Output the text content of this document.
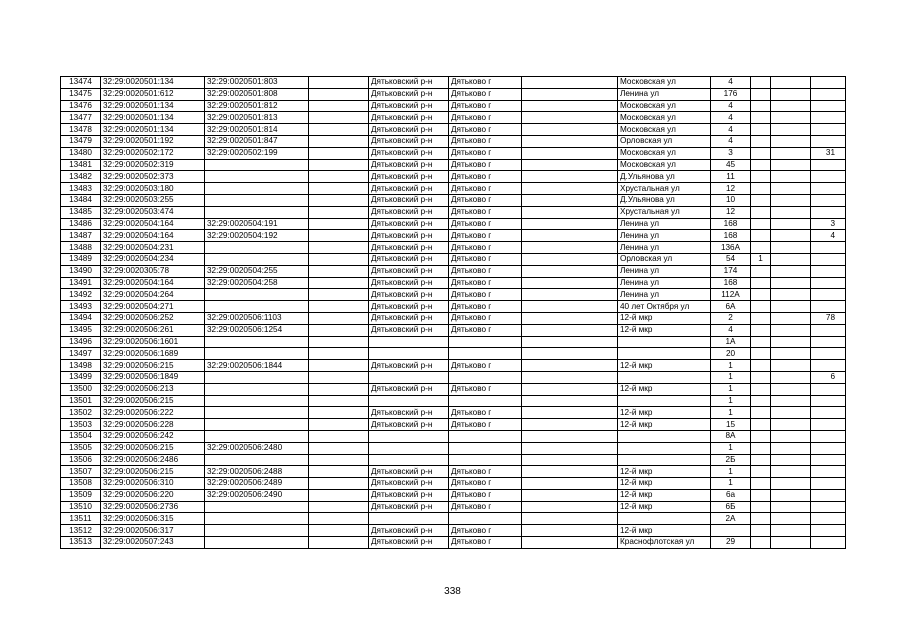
13474	32:29:0020501:134	32:29:0020501:803		Дятьковский р-н	Дятьково г		Московская ул	4			
13475	32:29:0020501:612	32:29:0020501:808		Дятьковский р-н	Дятьково г		Ленина ул	176			
13476	32:29:0020501:134	32:29:0020501:812		Дятьковский р-н	Дятьково г		Московская ул	4			
13477	32:29:0020501:134	32:29:0020501:813		Дятьковский р-н	Дятьково г		Московская ул	4			
13478	32:29:0020501:134	32:29:0020501:814		Дятьковский р-н	Дятьково г		Московская ул	4			
13479	32:29:0020501:192	32:29:0020501:847		Дятьковский р-н	Дятьково г		Орловская ул	4			
13480	32:29:0020502:172	32:29:0020502:199		Дятьковский р-н	Дятьково г		Московская ул	3			31
13481	32:29:0020502:319			Дятьковский р-н	Дятьково г		Московская ул	45			
13482	32:29:0020502:373			Дятьковский р-н	Дятьково г		Д.Ульянова ул	11			
13483	32:29:0020503:180			Дятьковский р-н	Дятьково г		Хрустальная ул	12			
13484	32:29:0020503:255			Дятьковский р-н	Дятьково г		Д.Ульянова ул	10			
13485	32:29:0020503:474			Дятьковский р-н	Дятьково г		Хрустальная ул	12			
13486	32:29:0020504:164	32:29:0020504:191		Дятьковский р-н	Дятьково г		Ленина ул	168			3
13487	32:29:0020504:164	32:29:0020504:192		Дятьковский р-н	Дятьково г		Ленина ул	168			4
13488	32:29:0020504:231			Дятьковский р-н	Дятьково г		Ленина ул	136А			
13489	32:29:0020504:234			Дятьковский р-н	Дятьково г		Орловская ул	54	1		
13490	32:29:0020305:78	32:29:0020504:255		Дятьковский р-н	Дятьково г		Ленина ул	174			
13491	32:29:0020504:164	32:29:0020504:258		Дятьковский р-н	Дятьково г		Ленина ул	168			
13492	32:29:0020504:264			Дятьковский р-н	Дятьково г		Ленина ул	112А			
13493	32:29:0020504:271			Дятьковский р-н	Дятьково г		40 лет Октября ул	6А			
13494	32:29:0020506:252	32:29:0020506:1103		Дятьковский р-н	Дятьково г		12-й мкр	2			78
13495	32:29:0020506:261	32:29:0020506:1254		Дятьковский р-н	Дятьково г		12-й мкр	4			
13496	32:29:0020506:1601							1А			
13497	32:29:0020506:1689							20			
13498	32:29:0020506:215	32:29:0020506:1844		Дятьковский р-н	Дятьково г		12-й мкр	1			
13499	32:29:0020506:1849							1			6
13500	32:29:0020506:213			Дятьковский р-н	Дятьково г		12-й мкр	1			
13501	32:29:0020506:215							1			
13502	32:29:0020506:222			Дятьковский р-н	Дятьково г		12-й мкр	1			
13503	32:29:0020506:228			Дятьковский р-н	Дятьково г		12-й мкр	15			
13504	32:29:0020506:242							8А			
13505	32:29:0020506:215	32:29:0020506:2480						1			
13506	32:29:0020506:2486							2Б			
13507	32:29:0020506:215	32:29:0020506:2488		Дятьковский р-н	Дятьково г		12-й мкр	1			
13508	32:29:0020506:310	32:29:0020506:2489		Дятьковский р-н	Дятьково г		12-й мкр	1			
13509	32:29:0020506:220	32:29:0020506:2490		Дятьковский р-н	Дятьково г		12-й мкр	6а			
13510	32:29:0020506:2736			Дятьковский р-н	Дятьково г		12-й мкр	6Б			
13511	32:29:0020506:315							2А			
13512	32:29:0020506:317			Дятьковский р-н	Дятьково г		12-й мкр				
13513	32:29:0020507:243			Дятьковский р-н	Дятьково г		Краснофлотская ул	29			
338
